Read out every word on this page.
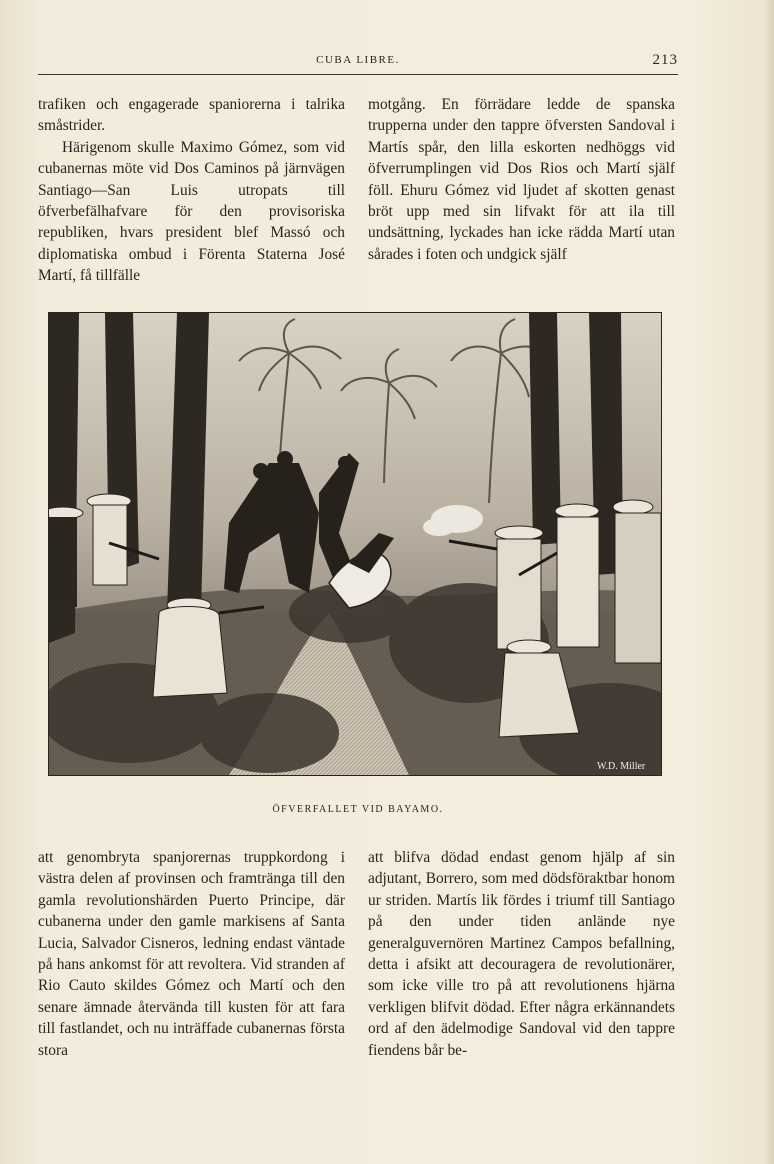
CUBA LIBRE.	213

trafiken och engagerade spaniorerna i talrika småstrider.

Härigenom skulle Maximo Gómez, som vid cubanernas möte vid Dos Caminos på järnvägen Santiago—San Luis utropats till öfverbefälhafvare för den provisoriska republiken, hvars president blef Massó och diplomatiska ombud i Förenta Staterna José Martí, få tillfälle

motgång. En förrädare ledde de spanska trupperna under den tappre öfversten Sandoval i Martís spår, den lilla eskorten nedhöggs vid öfverrumplingen vid Dos Rios och Martí själf föll. Ehuru Gómez vid ljudet af skotten genast bröt upp med sin lifvakt för att ila till undsättning, lyckades han icke rädda Martí utan sårades i foten och undgick själf

W.D. Miller
ÖFVERFALLET VID BAYAMO.

att genombryta spanjorernas truppkordong i västra delen af provinsen och framtränga till den gamla revolutionshärden Puerto Principe, där cubanerna under den gamle markisens af Santa Lucia, Salvador Cisneros, ledning endast väntade på hans ankomst för att revoltera. Vid stranden af Rio Cauto skildes Gómez och Martí och den senare ämnade återvända till kusten för att fara till fastlandet, och nu inträffade cubanernas första stora

att blifva dödad endast genom hjälp af sin adjutant, Borrero, som med dödsföraktbar honom ur striden. Martís lik fördes i triumf till Santiago på den under tiden anlände nye generalguvernören Martinez Campos befallning, detta i afsikt att decouragera de revolutionärer, som icke ville tro på att revolutionens hjärna verkligen blifvit dödad. Efter några erkännandets ord af den ädelmodige Sandoval vid den tappre fiendens bår be-
